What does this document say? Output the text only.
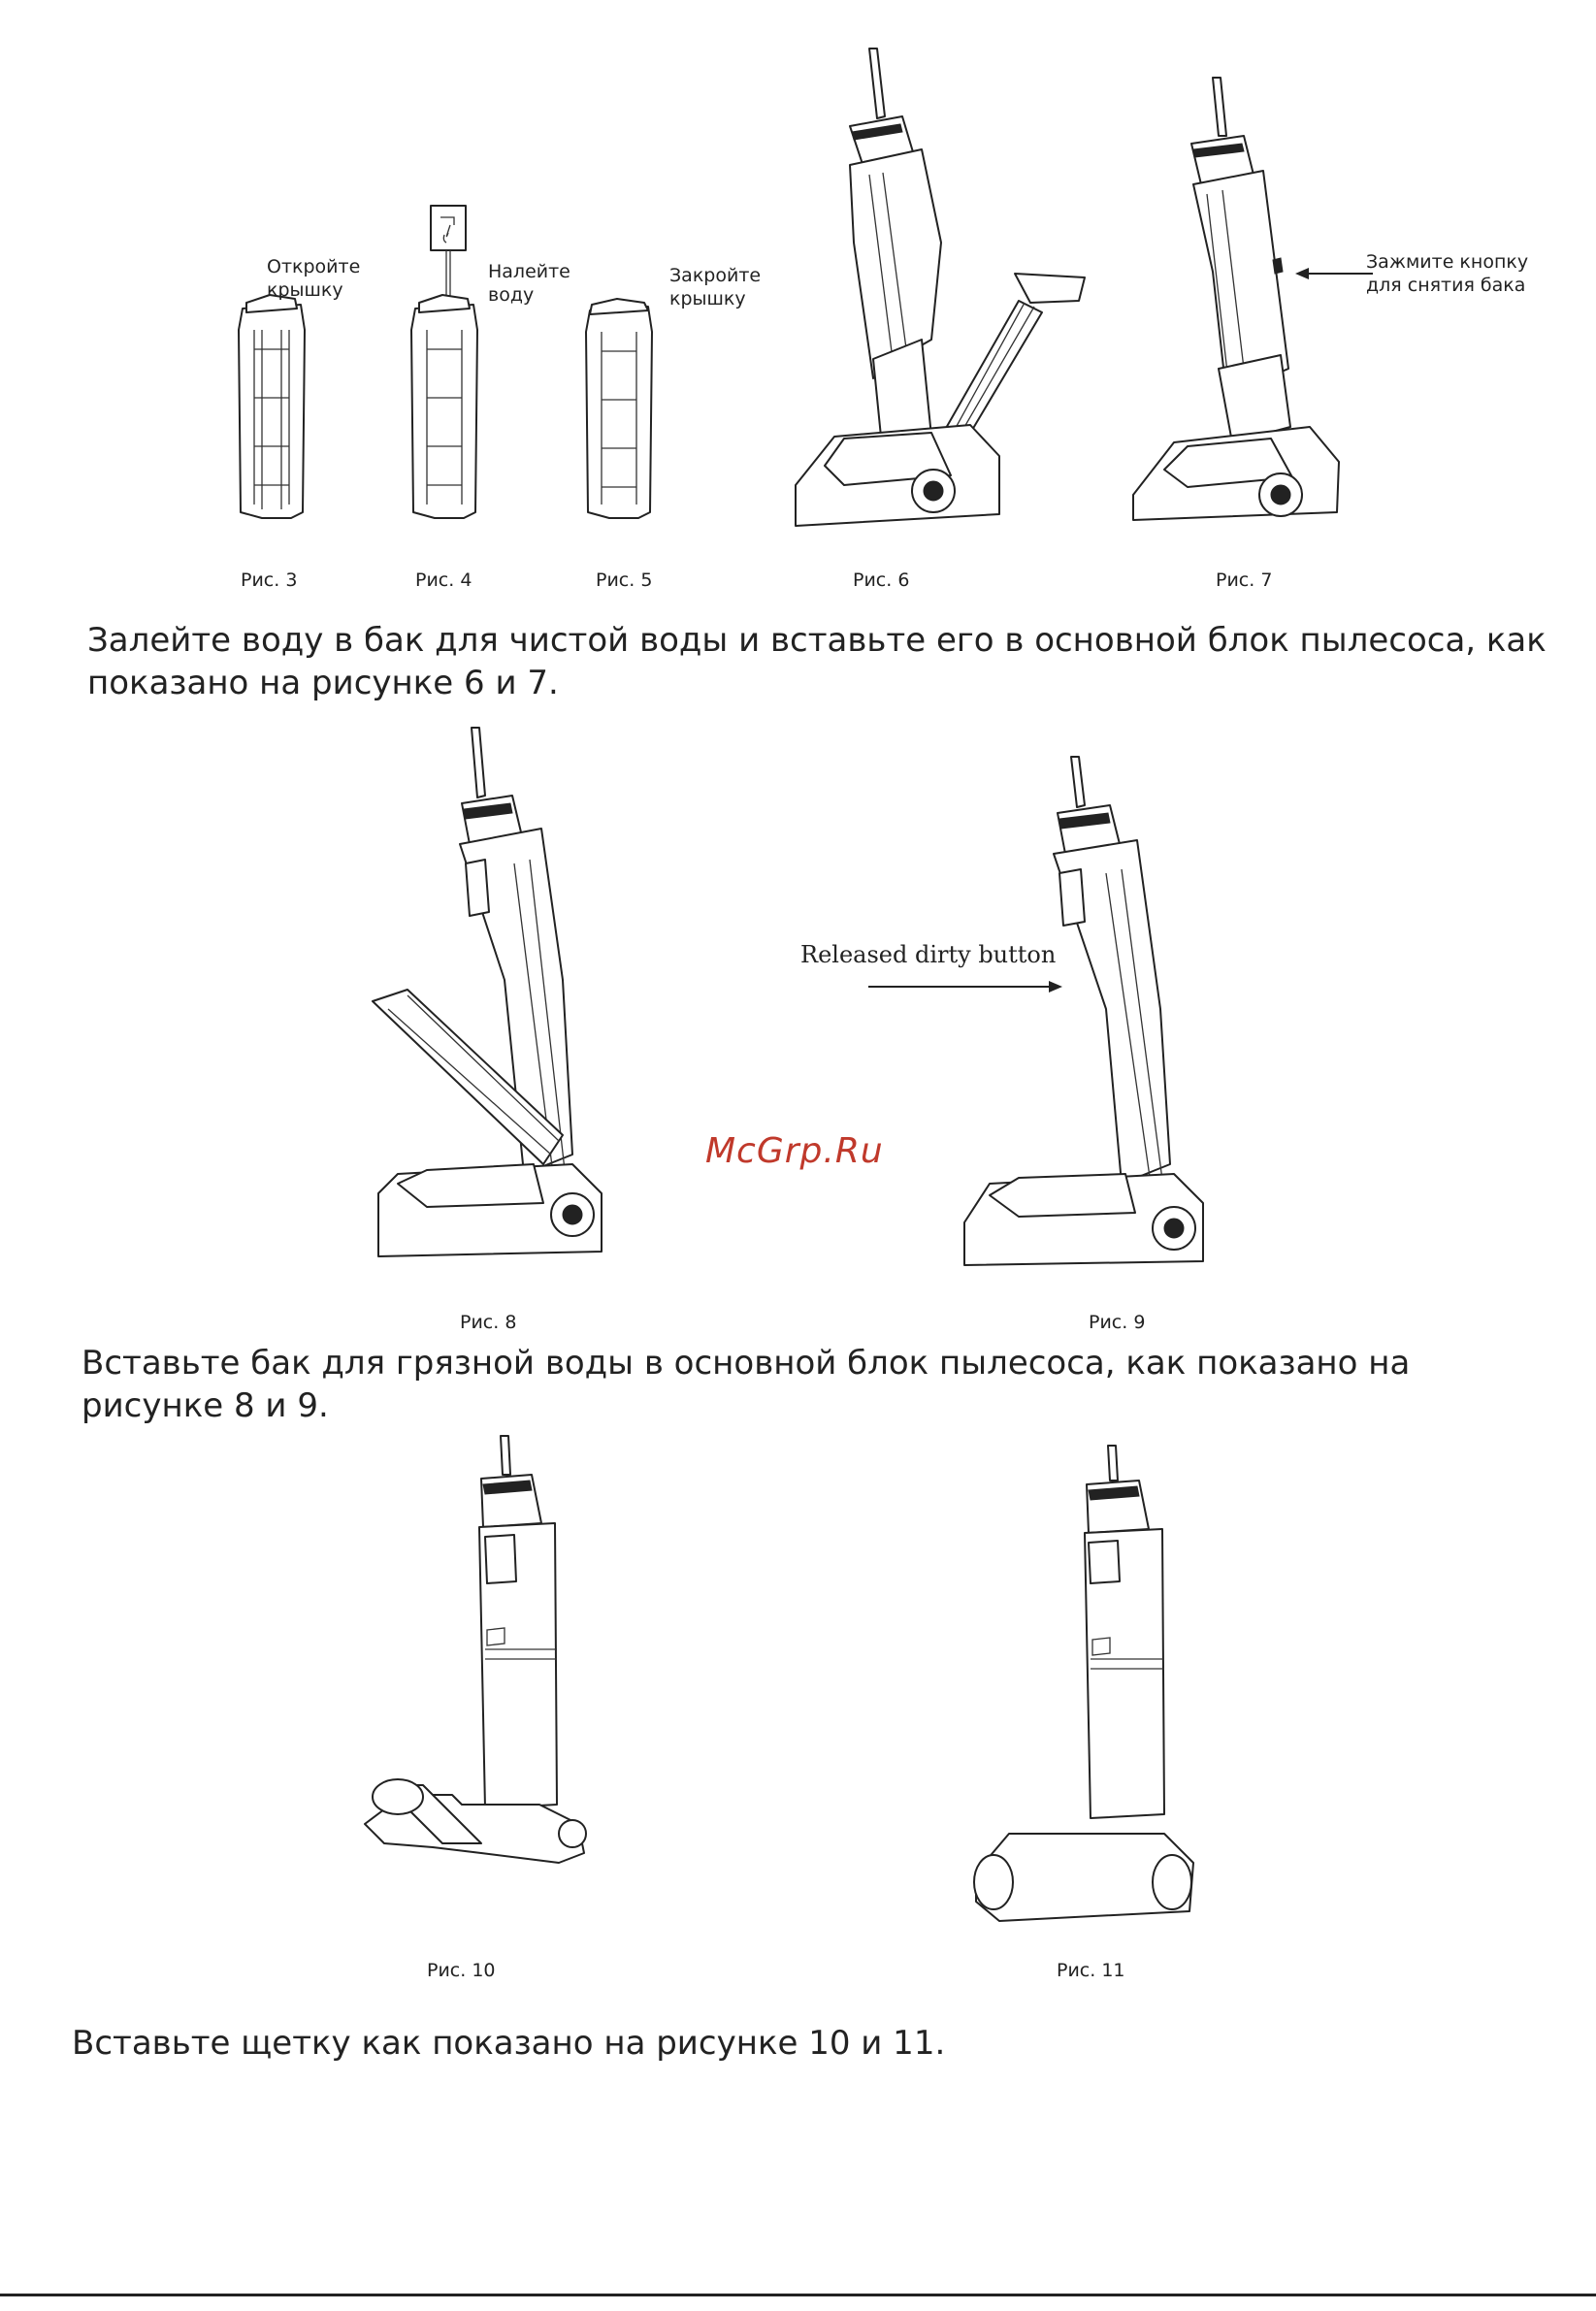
Откройте
крышку
Налейте
воду
Закройте
крышку
Зажмите кнопку
для снятия бака
Рис. 3	Рис. 4	Рис. 5	Рис. 6	Рис. 7
Залейте воду в бак для чистой воды и вставьте его в основной блок пылесоса, как показано на рисунке 6 и 7.
Released dirty button
McGrp.Ru
Рис. 8	Рис. 9
Вставьте бак для грязной воды в основной блок пылесоса, как показано на рисунке 8 и 9.
Рис. 10	Рис. 11
Вставьте щетку как показано на рисунке 10 и 11.
